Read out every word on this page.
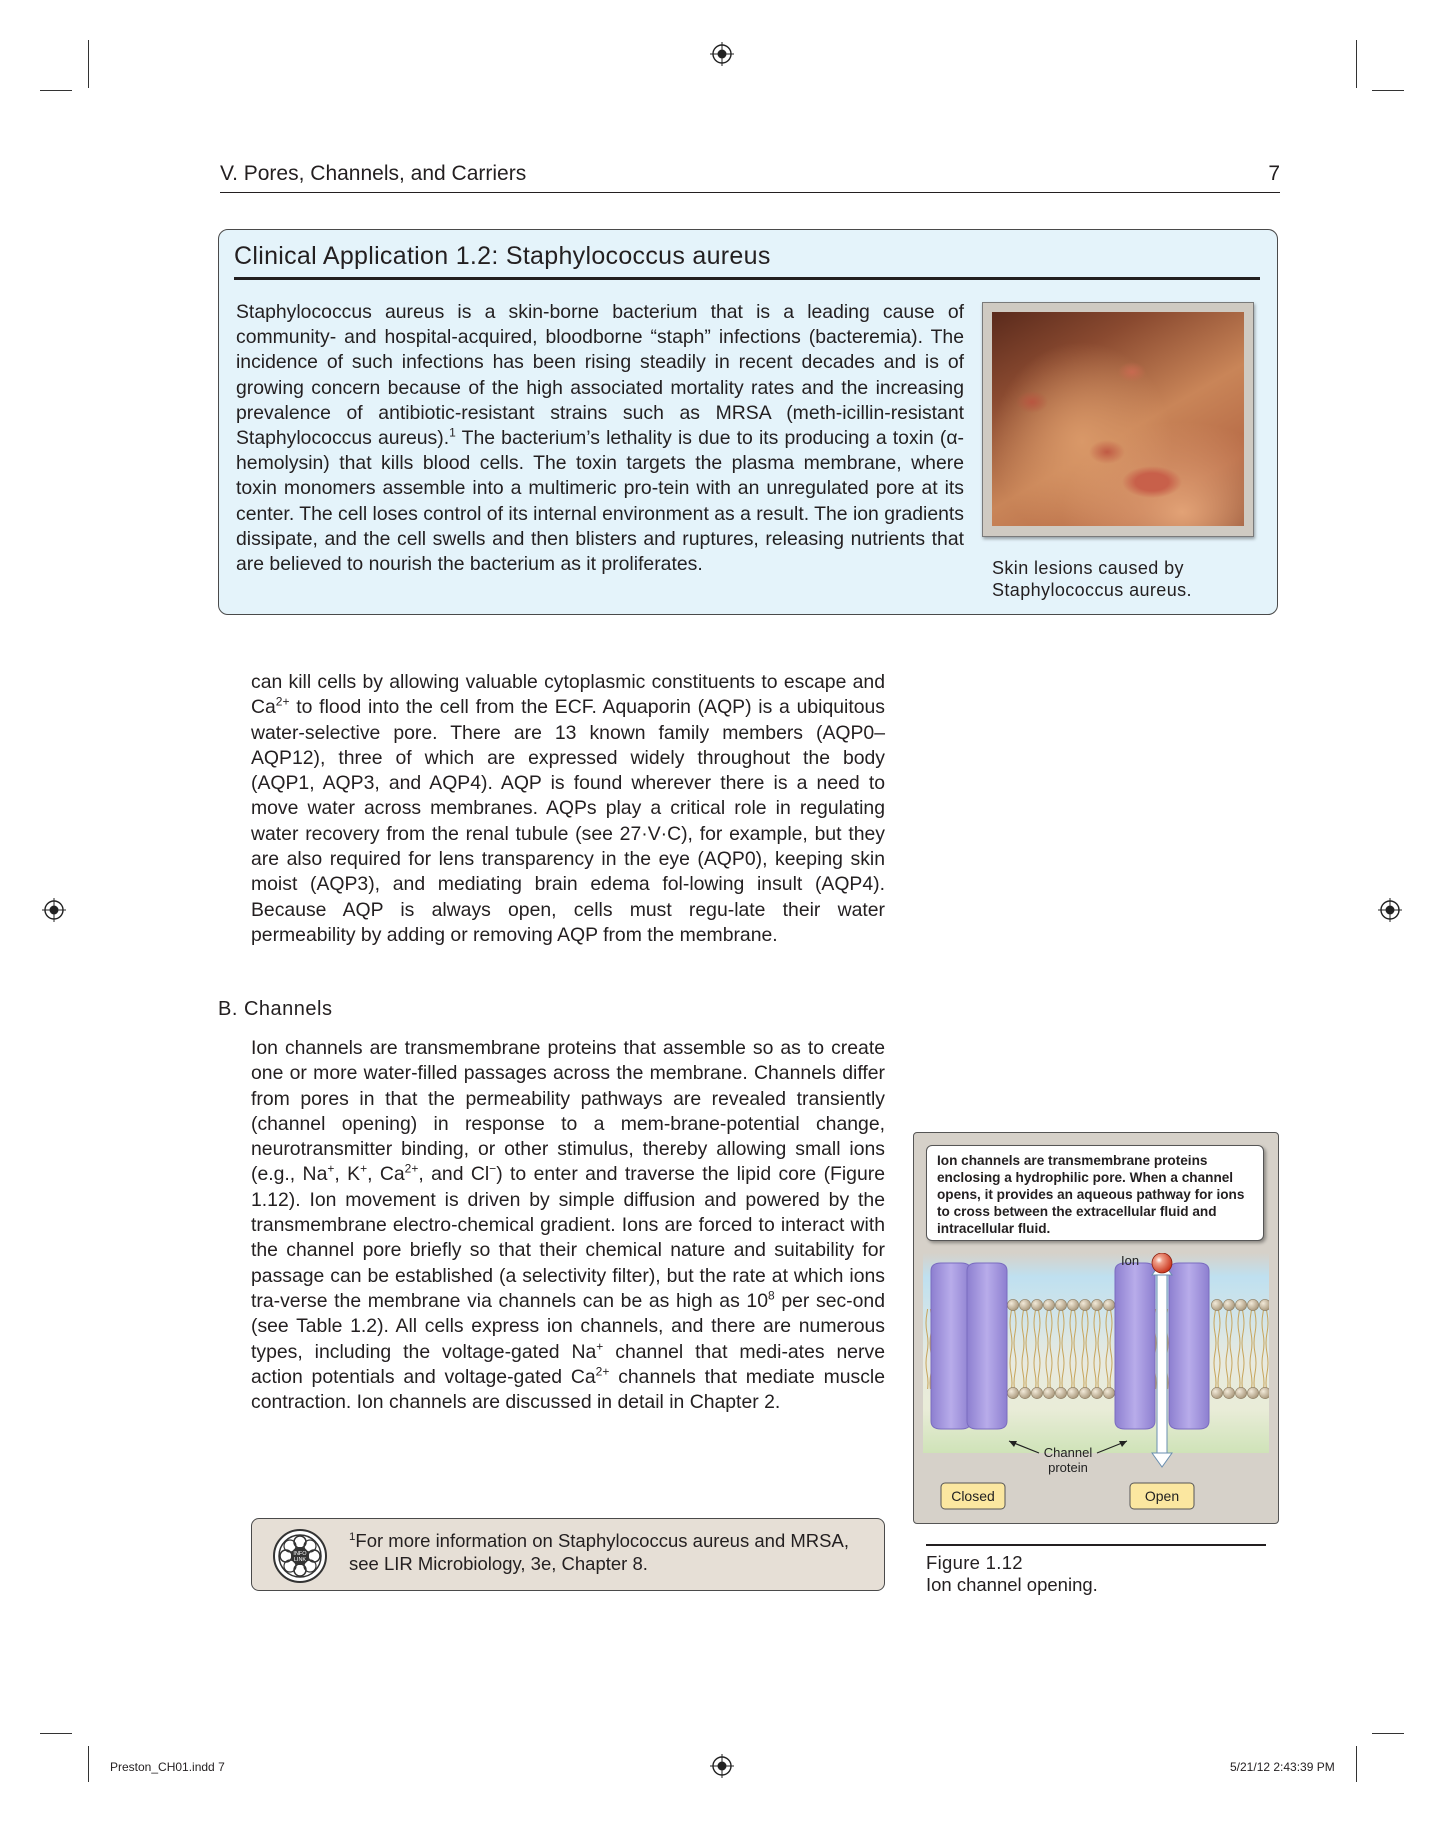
V. Pores, Channels, and Carriers	7
Clinical Application 1.2: Staphylococcus aureus
Staphylococcus aureus is a skin-borne bacterium that is a leading cause of community- and hospital-acquired, bloodborne “staph” infections (bacteremia). The incidence of such infections has been rising steadily in recent decades and is of growing concern because of the high associated mortality rates and the increasing prevalence of antibiotic-resistant strains such as MRSA (meth-icillin-resistant Staphylococcus aureus).$^1$ The bacterium’s lethality is due to its producing a toxin (α-hemolysin) that kills blood cells. The toxin targets the plasma membrane, where toxin monomers assemble into a multimeric pro-tein with an unregulated pore at its center. The cell loses control of its internal environment as a result. The ion gradients dissipate, and the cell swells and then blisters and ruptures, releasing nutrients that are believed to nourish the bacterium as it proliferates.	Skin lesions caused by
Staphylococcus aureus.
can kill cells by allowing valuable cytoplasmic constituents to escape and $Ca^{2+}$ to flood into the cell from the ECF. Aquaporin (AQP) is a ubiquitous water-selective pore. There are 13 known family members (AQP0–AQP12), three of which are expressed widely throughout the body (AQP1, AQP3, and AQP4). AQP is found wherever there is a need to move water across membranes. AQPs play a critical role in regulating water recovery from the renal tubule (see 27·V·C), for example, but they are also required for lens transparency in the eye (AQP0), keeping skin moist (AQP3), and mediating brain edema fol-lowing insult (AQP4). Because AQP is always open, cells must regu-late their water permeability by adding or removing AQP from the membrane.
B. Channels
Ion channels are transmembrane proteins that assemble so as to create one or more water-filled passages across the membrane. Channels differ from pores in that the permeability pathways are revealed transiently (channel opening) in response to a mem-brane-potential change, neurotransmitter binding, or other stimulus, thereby allowing small ions (e.g., Na+, K+, $Ca^{2+}$, and Cl−) to enter and traverse the lipid core (Figure 1.12). Ion movement is driven by simple diffusion and powered by the transmembrane electro-chemical gradient. Ions are forced to interact with the channel pore briefly so that their chemical nature and suitability for passage can be established (a selectivity filter), but the rate at which ions tra-verse the membrane via channels can be as high as $10^8$ per sec-ond (see Table 1.2). All cells express ion channels, and there are numerous types, including the voltage-gated Na+ channel that medi-ates nerve action potentials and voltage-gated $Ca^{2+}$ channels that mediate muscle contraction. Ion channels are discussed in detail in Chapter 2.
INFO
LINK
$^1$For more information on Staphylococcus aureus and MRSA, see LIR Microbiology, 3e, Chapter 8.
Ion channels are transmembrane proteins enclosing a hydrophilic pore. When a channel opens, it provides an aqueous pathway for ions to cross between the extracellular fluid and intracellular fluid.
Ion
Channel
protein
Closed	Open
Figure 1.12
Ion channel opening.
Preston_CH01.indd 7	5/21/12 2:43:39 PM
